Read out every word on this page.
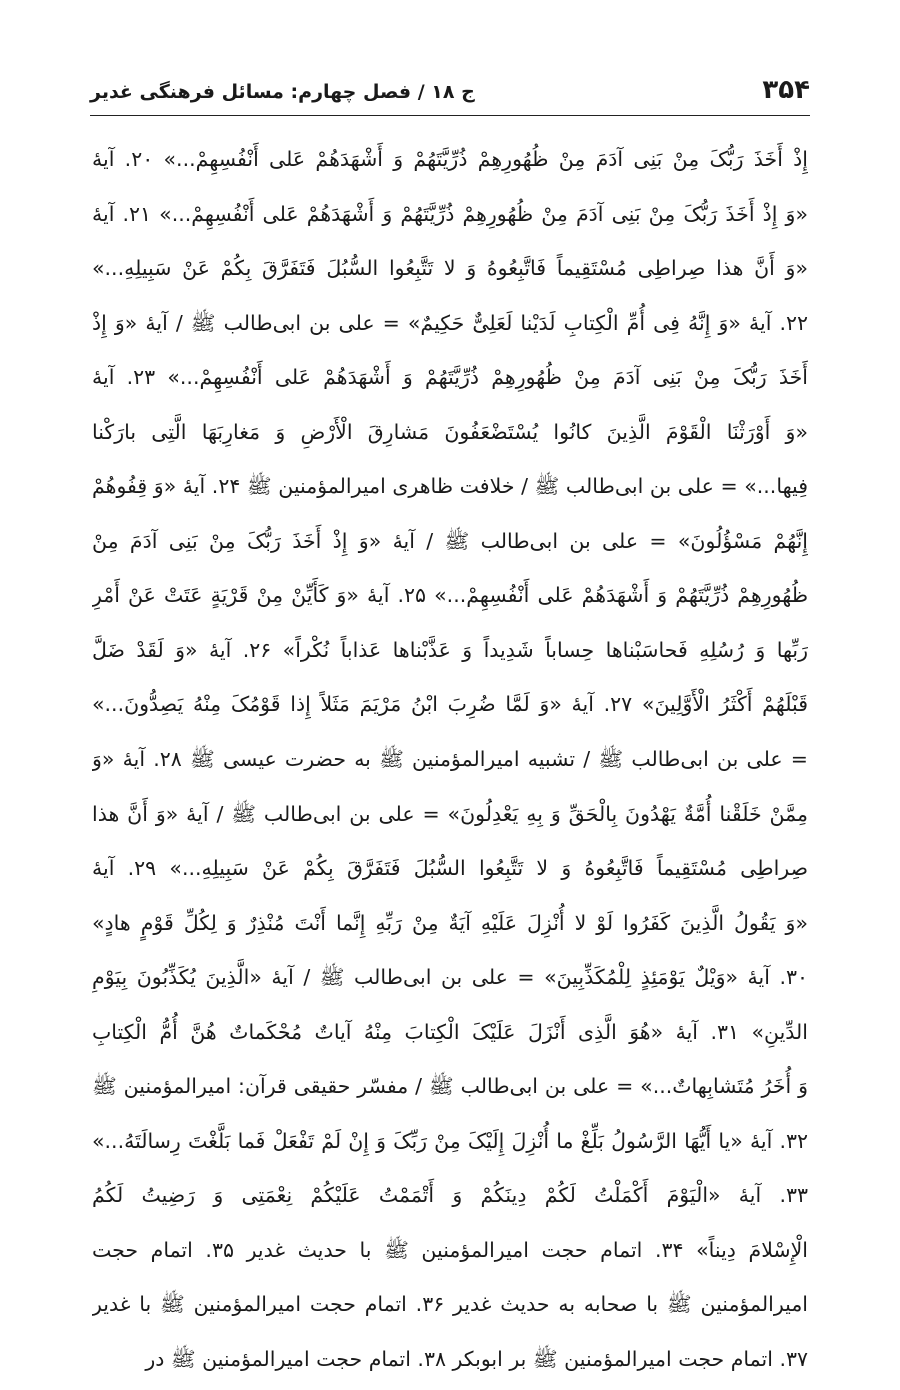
۳۵۴
ج ۱۸ / فصل چهارم: مسائل فرهنگی غدیر
إِذْ أَخَذَ رَبُّکَ مِنْ بَنِی آدَمَ مِنْ ظُهُورِهِمْ ذُرِّیَّتَهُمْ وَ أَشْهَدَهُمْ عَلی أَنْفُسِهِمْ...» ۲۰. آیۀ
«وَ إِذْ أَخَذَ رَبُّکَ مِنْ بَنِی آدَمَ مِنْ ظُهُورِهِمْ ذُرِّیَّتَهُمْ وَ أَشْهَدَهُمْ عَلی أَنْفُسِهِمْ...» ۲۱. آیۀ
«وَ أَنَّ هذا صِراطِی مُسْتَقِیماً فَاتَّبِعُوهُ وَ لا تَتَّبِعُوا السُّبُلَ فَتَفَرَّقَ بِکُمْ عَنْ سَبِیلِهِ...»
۲۲. آیۀ «وَ إِنَّهُ فِی أُمِّ الْکِتابِ لَدَیْنا لَعَلِیٌّ حَکِیمٌ» = علی بن ابی‌طالب ﷺ / آیۀ «وَ إِذْ
أَخَذَ رَبُّکَ مِنْ بَنِی آدَمَ مِنْ ظُهُورِهِمْ ذُرِّیَّتَهُمْ وَ أَشْهَدَهُمْ عَلی أَنْفُسِهِمْ...» ۲۳. آیۀ
«وَ أَوْرَثْنَا الْقَوْمَ الَّذِینَ کانُوا یُسْتَضْعَفُونَ مَشارِقَ الْأَرْضِ وَ مَغارِبَهَا الَّتِی بارَکْنا
فِیها...» = علی بن ابی‌طالب ﷺ / خلافت ظاهری امیرالمؤمنین ﷺ ۲۴. آیۀ «وَ قِفُوهُمْ
إِنَّهُمْ مَسْؤُلُونَ» = علی بن ابی‌طالب ﷺ / آیۀ «وَ إِذْ أَخَذَ رَبُّکَ مِنْ بَنِی آدَمَ مِنْ
ظُهُورِهِمْ ذُرِّیَّتَهُمْ وَ أَشْهَدَهُمْ عَلی أَنْفُسِهِمْ...» ۲۵. آیۀ «وَ کَأَیِّنْ مِنْ قَرْیَةٍ عَتَتْ عَنْ أَمْرِ
رَبِّها وَ رُسُلِهِ فَحاسَبْناها حِساباً شَدِیداً وَ عَذَّبْناها عَذاباً نُکْراً» ۲۶. آیۀ «وَ لَقَدْ ضَلَّ
قَبْلَهُمْ أَکْثَرُ الْأَوَّلِینَ» ۲۷. آیۀ «وَ لَمَّا ضُرِبَ ابْنُ مَرْیَمَ مَثَلاً إِذا قَوْمُکَ مِنْهُ یَصِدُّونَ...»
= علی بن ابی‌طالب ﷺ / تشبیه امیرالمؤمنین ﷺ به حضرت عیسی ﷺ ۲۸. آیۀ «وَ
مِمَّنْ خَلَقْنا أُمَّةٌ یَهْدُونَ بِالْحَقِّ وَ بِهِ یَعْدِلُونَ» = علی بن ابی‌طالب ﷺ / آیۀ «وَ أَنَّ هذا
صِراطِی مُسْتَقِیماً فَاتَّبِعُوهُ وَ لا تَتَّبِعُوا السُّبُلَ فَتَفَرَّقَ بِکُمْ عَنْ سَبِیلِهِ...» ۲۹. آیۀ
«وَ یَقُولُ الَّذِینَ کَفَرُوا لَوْ لا أُنْزِلَ عَلَیْهِ آیَةٌ مِنْ رَبِّهِ إِنَّما أَنْتَ مُنْذِرٌ وَ لِکُلِّ قَوْمٍ هادٍ»
۳۰. آیۀ «وَیْلٌ یَوْمَئِذٍ لِلْمُکَذِّبِینَ» = علی بن ابی‌طالب ﷺ / آیۀ «الَّذِینَ یُکَذِّبُونَ بِیَوْمِ
الدِّینِ» ۳۱. آیۀ «هُوَ الَّذِی أَنْزَلَ عَلَیْکَ الْکِتابَ مِنْهُ آیاتٌ مُحْکَماتٌ هُنَّ أُمُّ الْکِتابِ
وَ أُخَرُ مُتَشابِهاتٌ...» = علی بن ابی‌طالب ﷺ / مفسّر حقیقی قرآن: امیرالمؤمنین ﷺ
۳۲. آیۀ «یا أَیُّهَا الرَّسُولُ بَلِّغْ ما أُنْزِلَ إِلَیْکَ مِنْ رَبِّکَ وَ إِنْ لَمْ تَفْعَلْ فَما بَلَّغْتَ رِسالَتَهُ...»
۳۳. آیۀ «الْیَوْمَ أَکْمَلْتُ لَکُمْ دِینَکُمْ وَ أَتْمَمْتُ عَلَیْکُمْ نِعْمَتِی وَ رَضِیتُ لَکُمُ
الْإِسْلامَ دِیناً» ۳۴. اتمام حجت امیرالمؤمنین ﷺ با حدیث غدیر ۳۵. اتمام حجت
امیرالمؤمنین ﷺ با صحابه به حدیث غدیر ۳۶. اتمام حجت امیرالمؤمنین ﷺ با غدیر
۳۷. اتمام حجت امیرالمؤمنین ﷺ بر ابوبکر ۳۸. اتمام حجت امیرالمؤمنین ﷺ در
